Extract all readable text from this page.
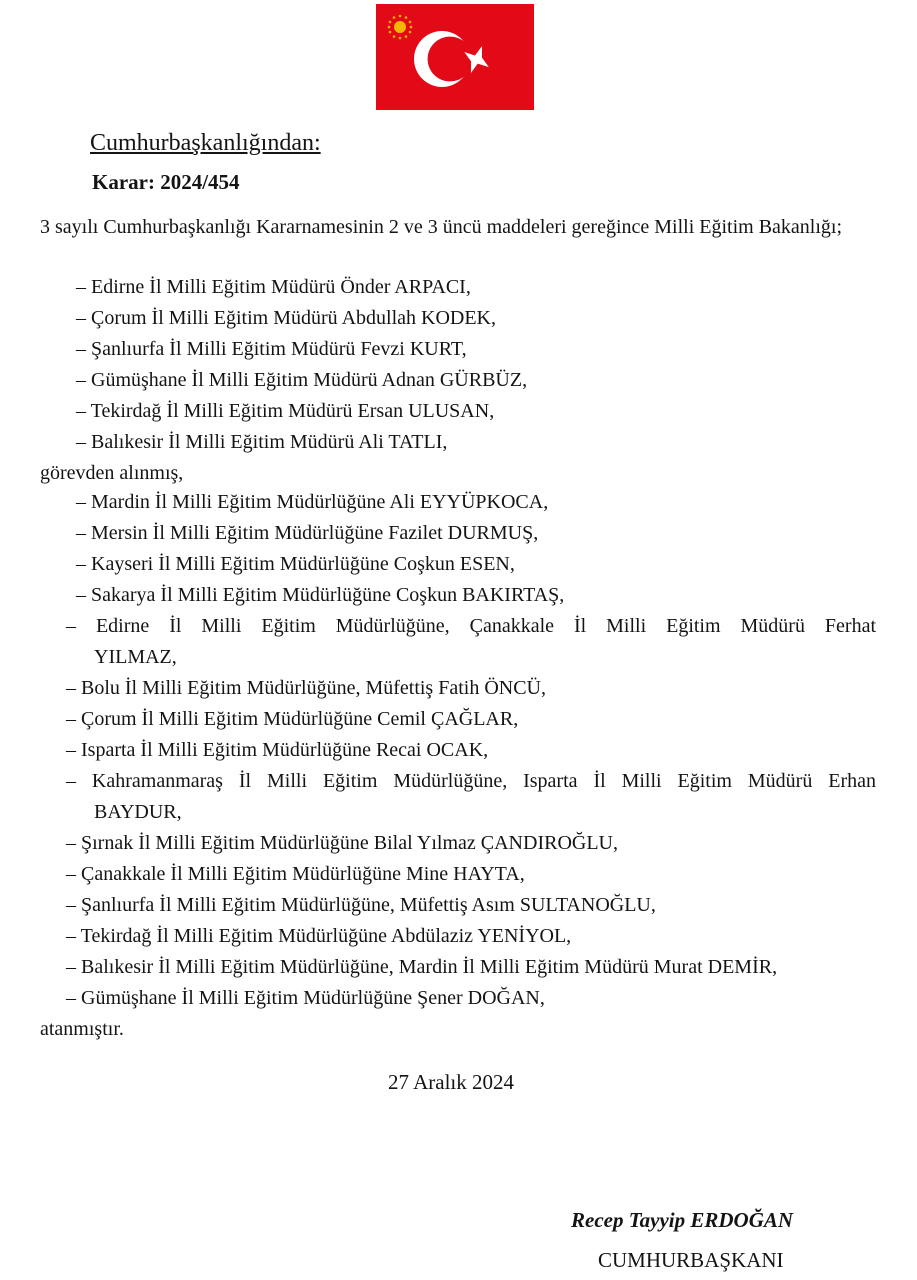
Cumhurbaşkanlığından:
Karar: 2024/454
3 sayılı Cumhurbaşkanlığı Kararnamesinin 2 ve 3 üncü maddeleri gereğince Milli Eğitim Bakanlığı;
– Edirne İl Milli Eğitim Müdürü Önder ARPACI,
– Çorum İl Milli Eğitim Müdürü Abdullah KODEK,
– Şanlıurfa İl Milli Eğitim Müdürü Fevzi KURT,
– Gümüşhane İl Milli Eğitim Müdürü Adnan GÜRBÜZ,
– Tekirdağ İl Milli Eğitim Müdürü Ersan ULUSAN,
– Balıkesir İl Milli Eğitim Müdürü Ali TATLI,
görevden alınmış,
– Mardin İl Milli Eğitim Müdürlüğüne Ali EYYÜPKOCA,
– Mersin İl Milli Eğitim Müdürlüğüne Fazilet DURMUŞ,
– Kayseri İl Milli Eğitim Müdürlüğüne Coşkun ESEN,
– Sakarya İl Milli Eğitim Müdürlüğüne Coşkun BAKIRTAŞ,
– Edirne İl Milli Eğitim Müdürlüğüne, Çanakkale İl Milli Eğitim Müdürü Ferhat
YILMAZ,
– Bolu İl Milli Eğitim Müdürlüğüne, Müfettiş Fatih ÖNCÜ,
– Çorum İl Milli Eğitim Müdürlüğüne Cemil ÇAĞLAR,
– Isparta İl Milli Eğitim Müdürlüğüne Recai OCAK,
– Kahramanmaraş İl Milli Eğitim Müdürlüğüne, Isparta İl Milli Eğitim Müdürü Erhan
BAYDUR,
– Şırnak İl Milli Eğitim Müdürlüğüne Bilal Yılmaz ÇANDIROĞLU,
– Çanakkale İl Milli Eğitim Müdürlüğüne Mine HAYTA,
– Şanlıurfa İl Milli Eğitim Müdürlüğüne, Müfettiş Asım SULTANOĞLU,
– Tekirdağ İl Milli Eğitim Müdürlüğüne Abdülaziz YENİYOL,
– Balıkesir İl Milli Eğitim Müdürlüğüne, Mardin İl Milli Eğitim Müdürü Murat DEMİR,
– Gümüşhane İl Milli Eğitim Müdürlüğüne Şener DOĞAN,
atanmıştır.
27 Aralık 2024
Recep Tayyip ERDOĞAN
CUMHURBAŞKANI
